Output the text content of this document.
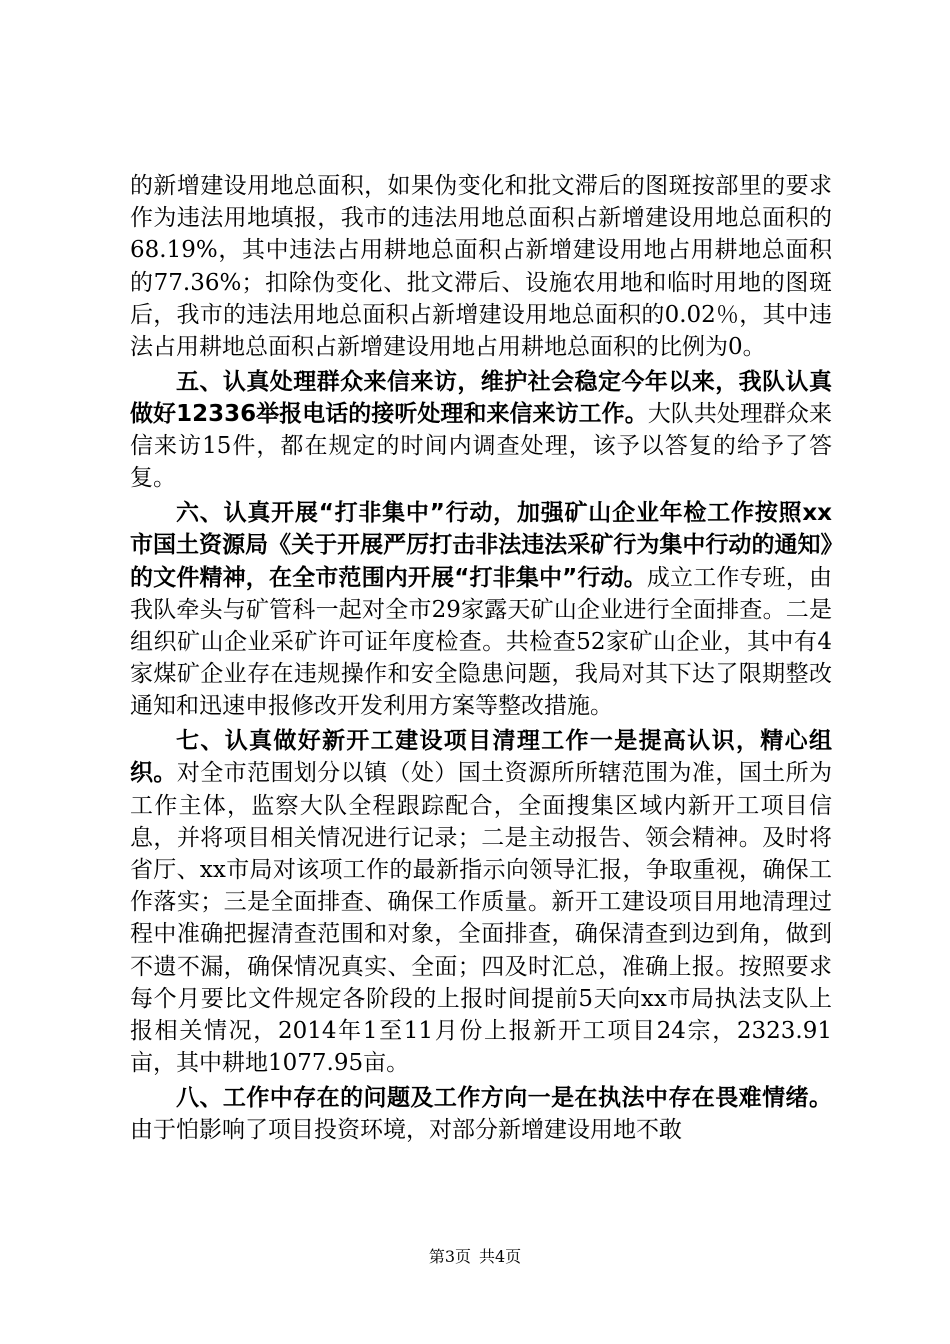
的新增建设用地总面积，如果伪变化和批文滞后的图斑按部里的要求作为违法用地填报，我市的违法用地总面积占新增建设用地总面积的68.19%，其中违法占用耕地总面积占新增建设用地占用耕地总面积的77.36%；扣除伪变化、批文滞后、设施农用地和临时用地的图斑后，我市的违法用地总面积占新增建设用地总面积的0.02％，其中违法占用耕地总面积占新增建设用地占用耕地总面积的比例为0。

五、认真处理群众来信来访，维护社会稳定今年以来，我队认真做好12336举报电话的接听处理和来信来访工作。大队共处理群众来信来访15件，都在规定的时间内调查处理，该予以答复的给予了答复。

六、认真开展“打非集中”行动，加强矿山企业年检工作按照xx市国土资源局《关于开展严厉打击非法违法采矿行为集中行动的通知》的文件精神，在全市范围内开展“打非集中”行动。成立工作专班，由我队牵头与矿管科一起对全市29家露天矿山企业进行全面排查。二是组织矿山企业采矿许可证年度检查。共检查52家矿山企业，其中有4家煤矿企业存在违规操作和安全隐患问题，我局对其下达了限期整改通知和迅速申报修改开发利用方案等整改措施。

七、认真做好新开工建设项目清理工作一是提高认识，精心组织。对全市范围划分以镇（处）国土资源所所辖范围为准，国土所为工作主体，监察大队全程跟踪配合，全面搜集区域内新开工项目信息，并将项目相关情况进行记录；二是主动报告、领会精神。及时将省厅、xx市局对该项工作的最新指示向领导汇报，争取重视，确保工作落实；三是全面排查、确保工作质量。新开工建设项目用地清理过程中准确把握清查范围和对象，全面排查，确保清查到边到角，做到不遗不漏，确保情况真实、全面；四及时汇总，准确上报。按照要求每个月要比文件规定各阶段的上报时间提前5天向xx市局执法支队上报相关情况，2014年1至11月份上报新开工项目24宗，2323.91亩，其中耕地1077.95亩。

八、工作中存在的问题及工作方向一是在执法中存在畏难情绪。由于怕影响了项目投资环境，对部分新增建设用地不敢

第3页 共4页
